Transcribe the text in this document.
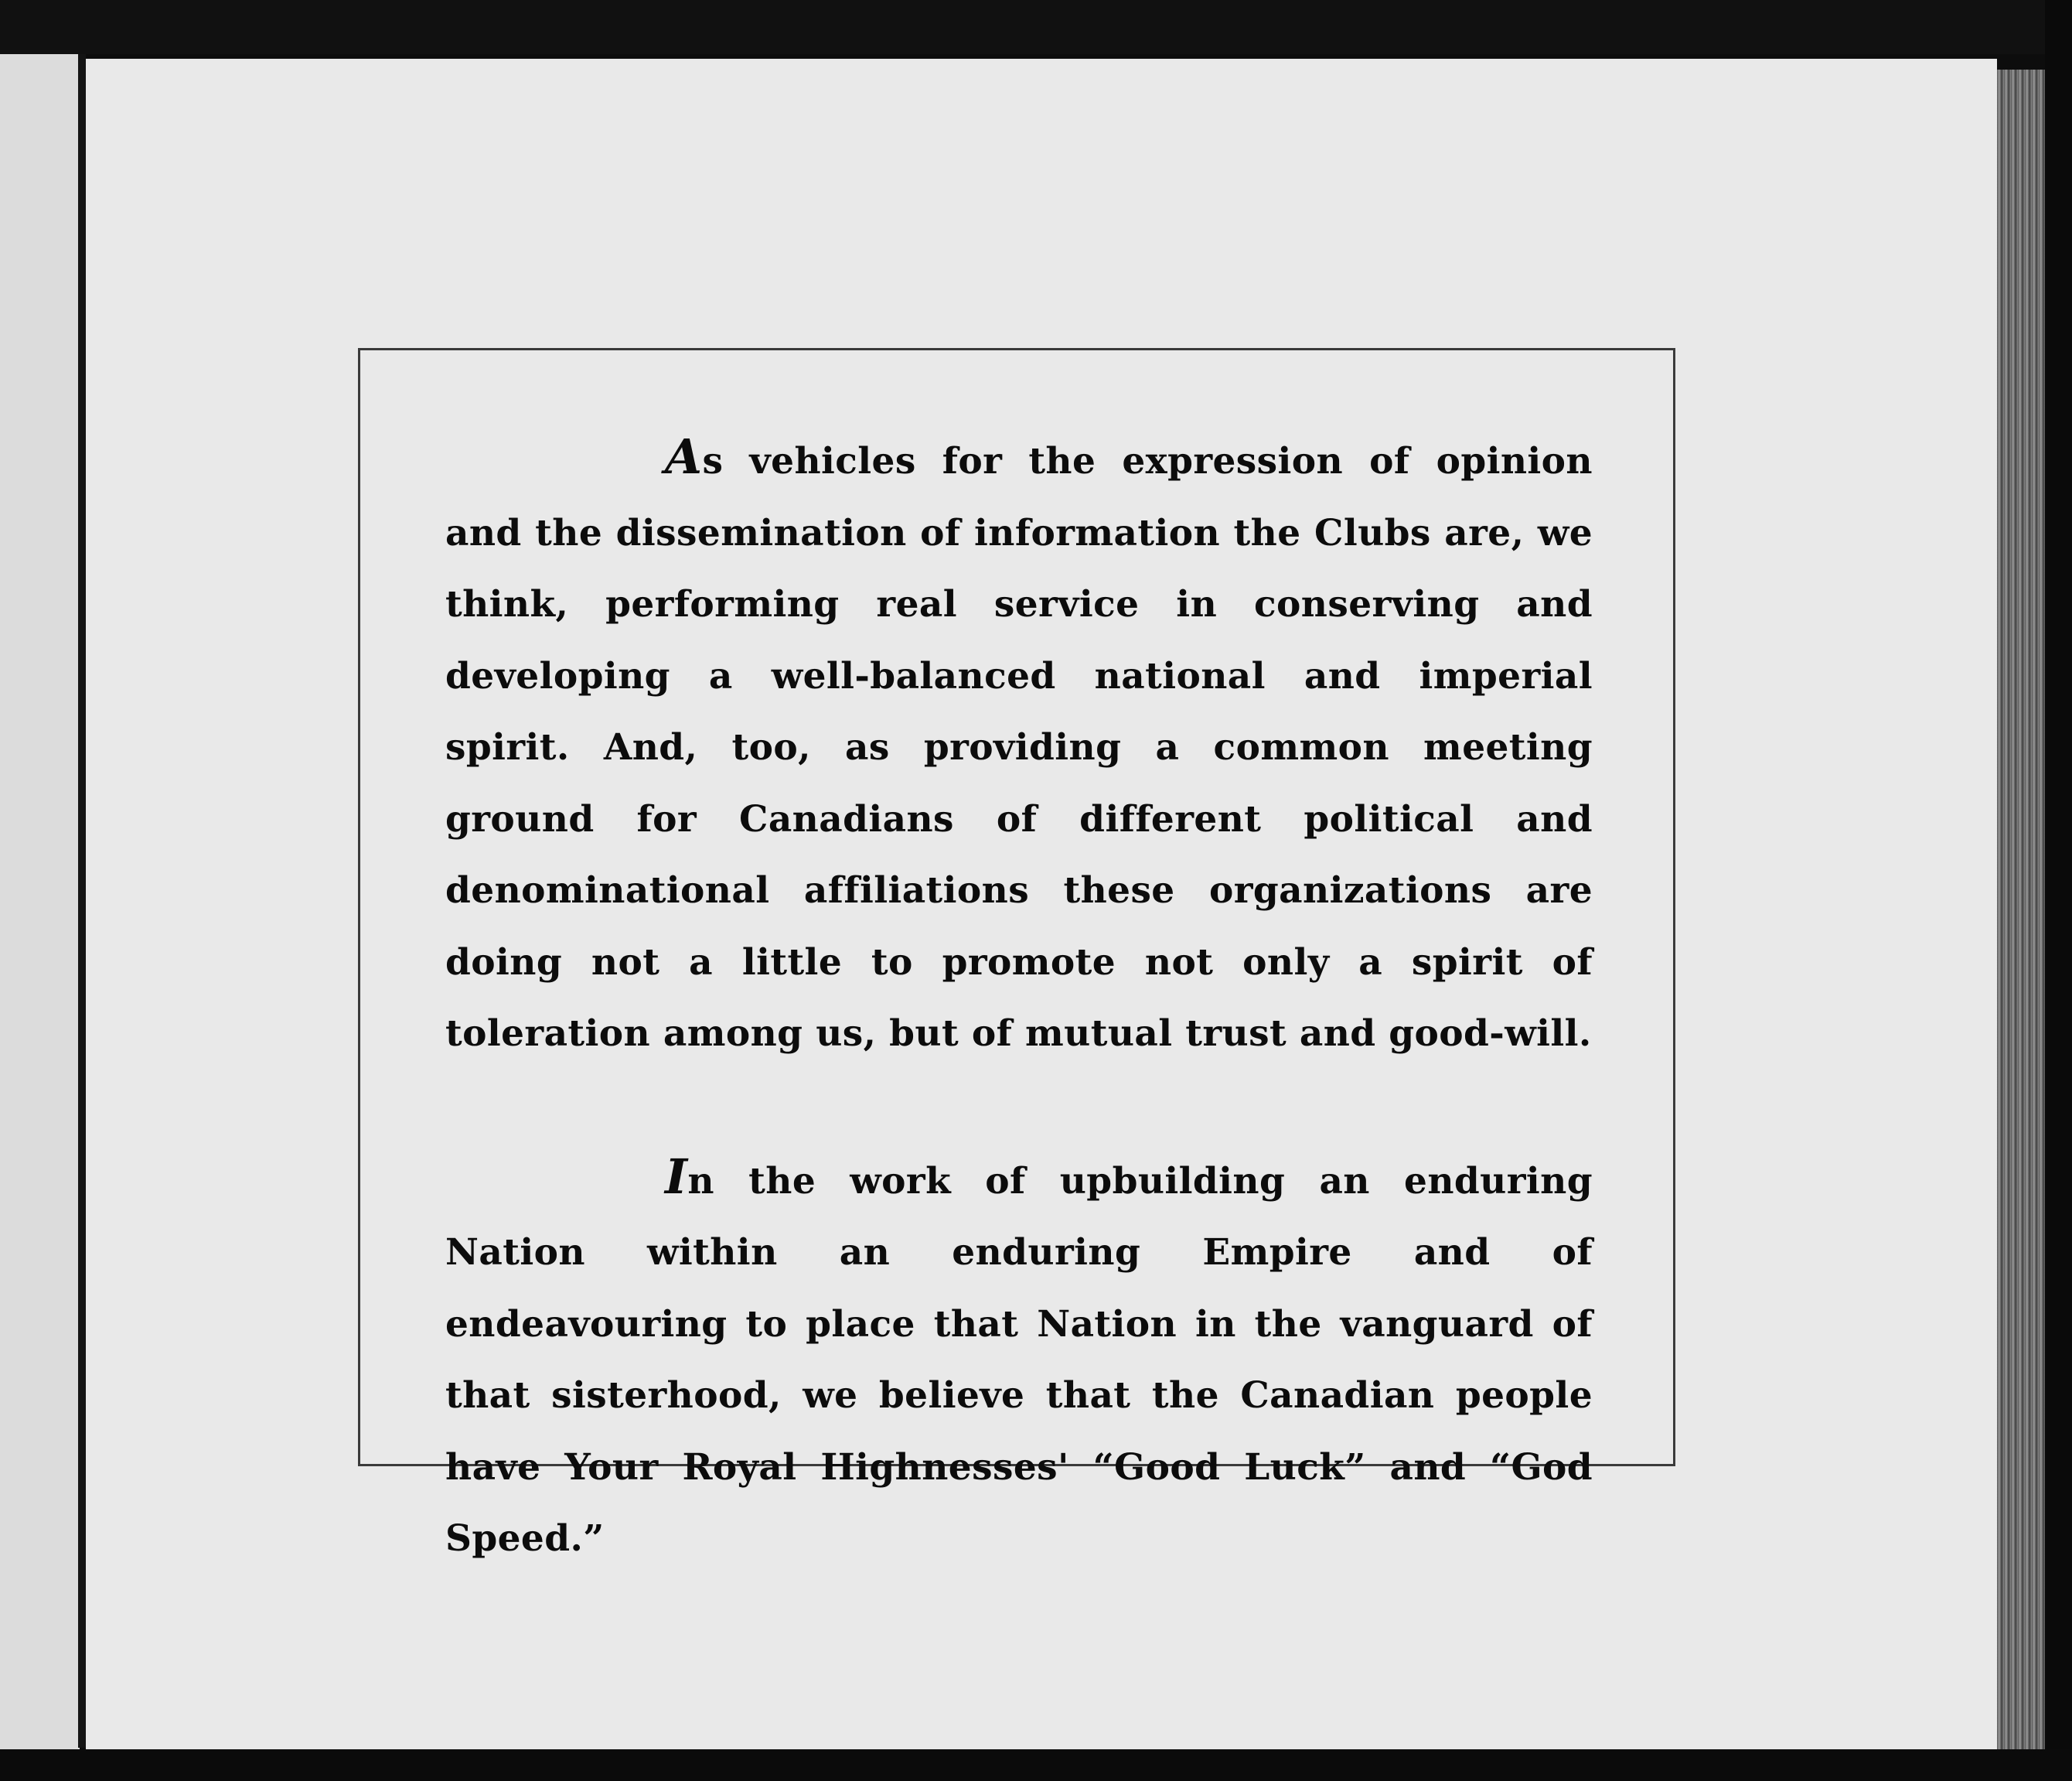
As vehicles for the expression of opinion and the dissemination of information the Clubs are, we think, performing real service in conserving and developing a well-balanced national and imperial spirit. And, too, as providing a common meeting ground for Canadians of different political and denominational affiliations these organizations are doing not a little to promote not only a spirit of toleration among us, but of mutual trust and good-will.

In the work of upbuilding an enduring Nation within an enduring Empire and of endeavouring to place that Nation in the vanguard of that sisterhood, we believe that the Canadian people have Your Royal Highnesses' “Good Luck” and “God Speed.”
